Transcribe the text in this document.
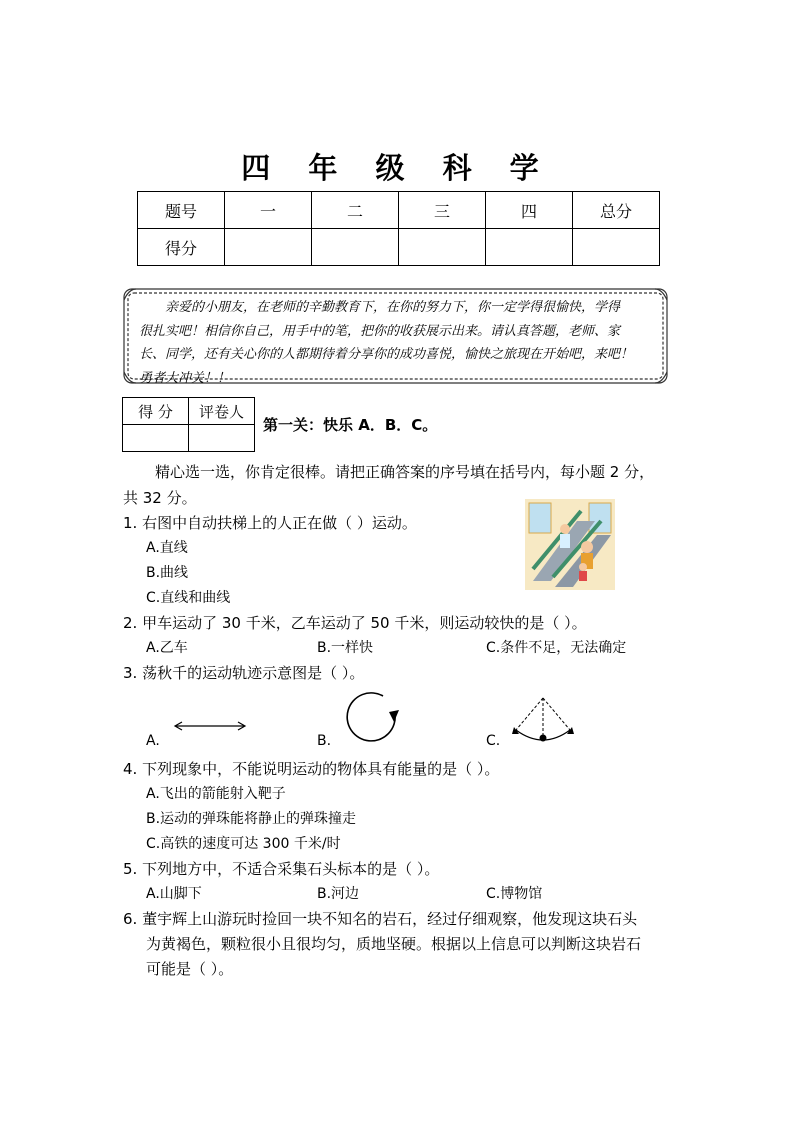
四 年 级 科 学
题号	一	二	三	四	总分
得分					
亲爱的小朋友，在老师的辛勤教育下，在你的努力下，你一定学得很愉快，学得
很扎实吧！相信你自己，用手中的笔，把你的收获展示出来。请认真答题，老师、家
长、同学，还有关心你的人都期待着分享你的成功喜悦，愉快之旅现在开始吧，来吧！
勇者大冲关！！
得 分	评卷人

第一关：快乐 A．B．C。
精心选一选，你肯定很棒。请把正确答案的序号填在括号内，每小题 2 分，
共 32 分。
1. 右图中自动扶梯上的人正在做（ ）运动。
A.直线
B.曲线
C.直线和曲线
2. 甲车运动了 30 千米，乙车运动了 50 千米，则运动较快的是（ ）。
A.乙车	B.一样快	C.条件不足，无法确定
3. 荡秋千的运动轨迹示意图是（ ）。
A.	B.	C.
4. 下列现象中，不能说明运动的物体具有能量的是（ ）。
A.飞出的箭能射入靶子
B.运动的弹珠能将静止的弹珠撞走
C.高铁的速度可达 300 千米/时
5. 下列地方中，不适合采集石头标本的是（ ）。
A.山脚下	B.河边	C.博物馆
6. 董宇辉上山游玩时捡回一块不知名的岩石，经过仔细观察，他发现这块石头
为黄褐色，颗粒很小且很均匀，质地坚硬。根据以上信息可以判断这块岩石
可能是（ ）。
